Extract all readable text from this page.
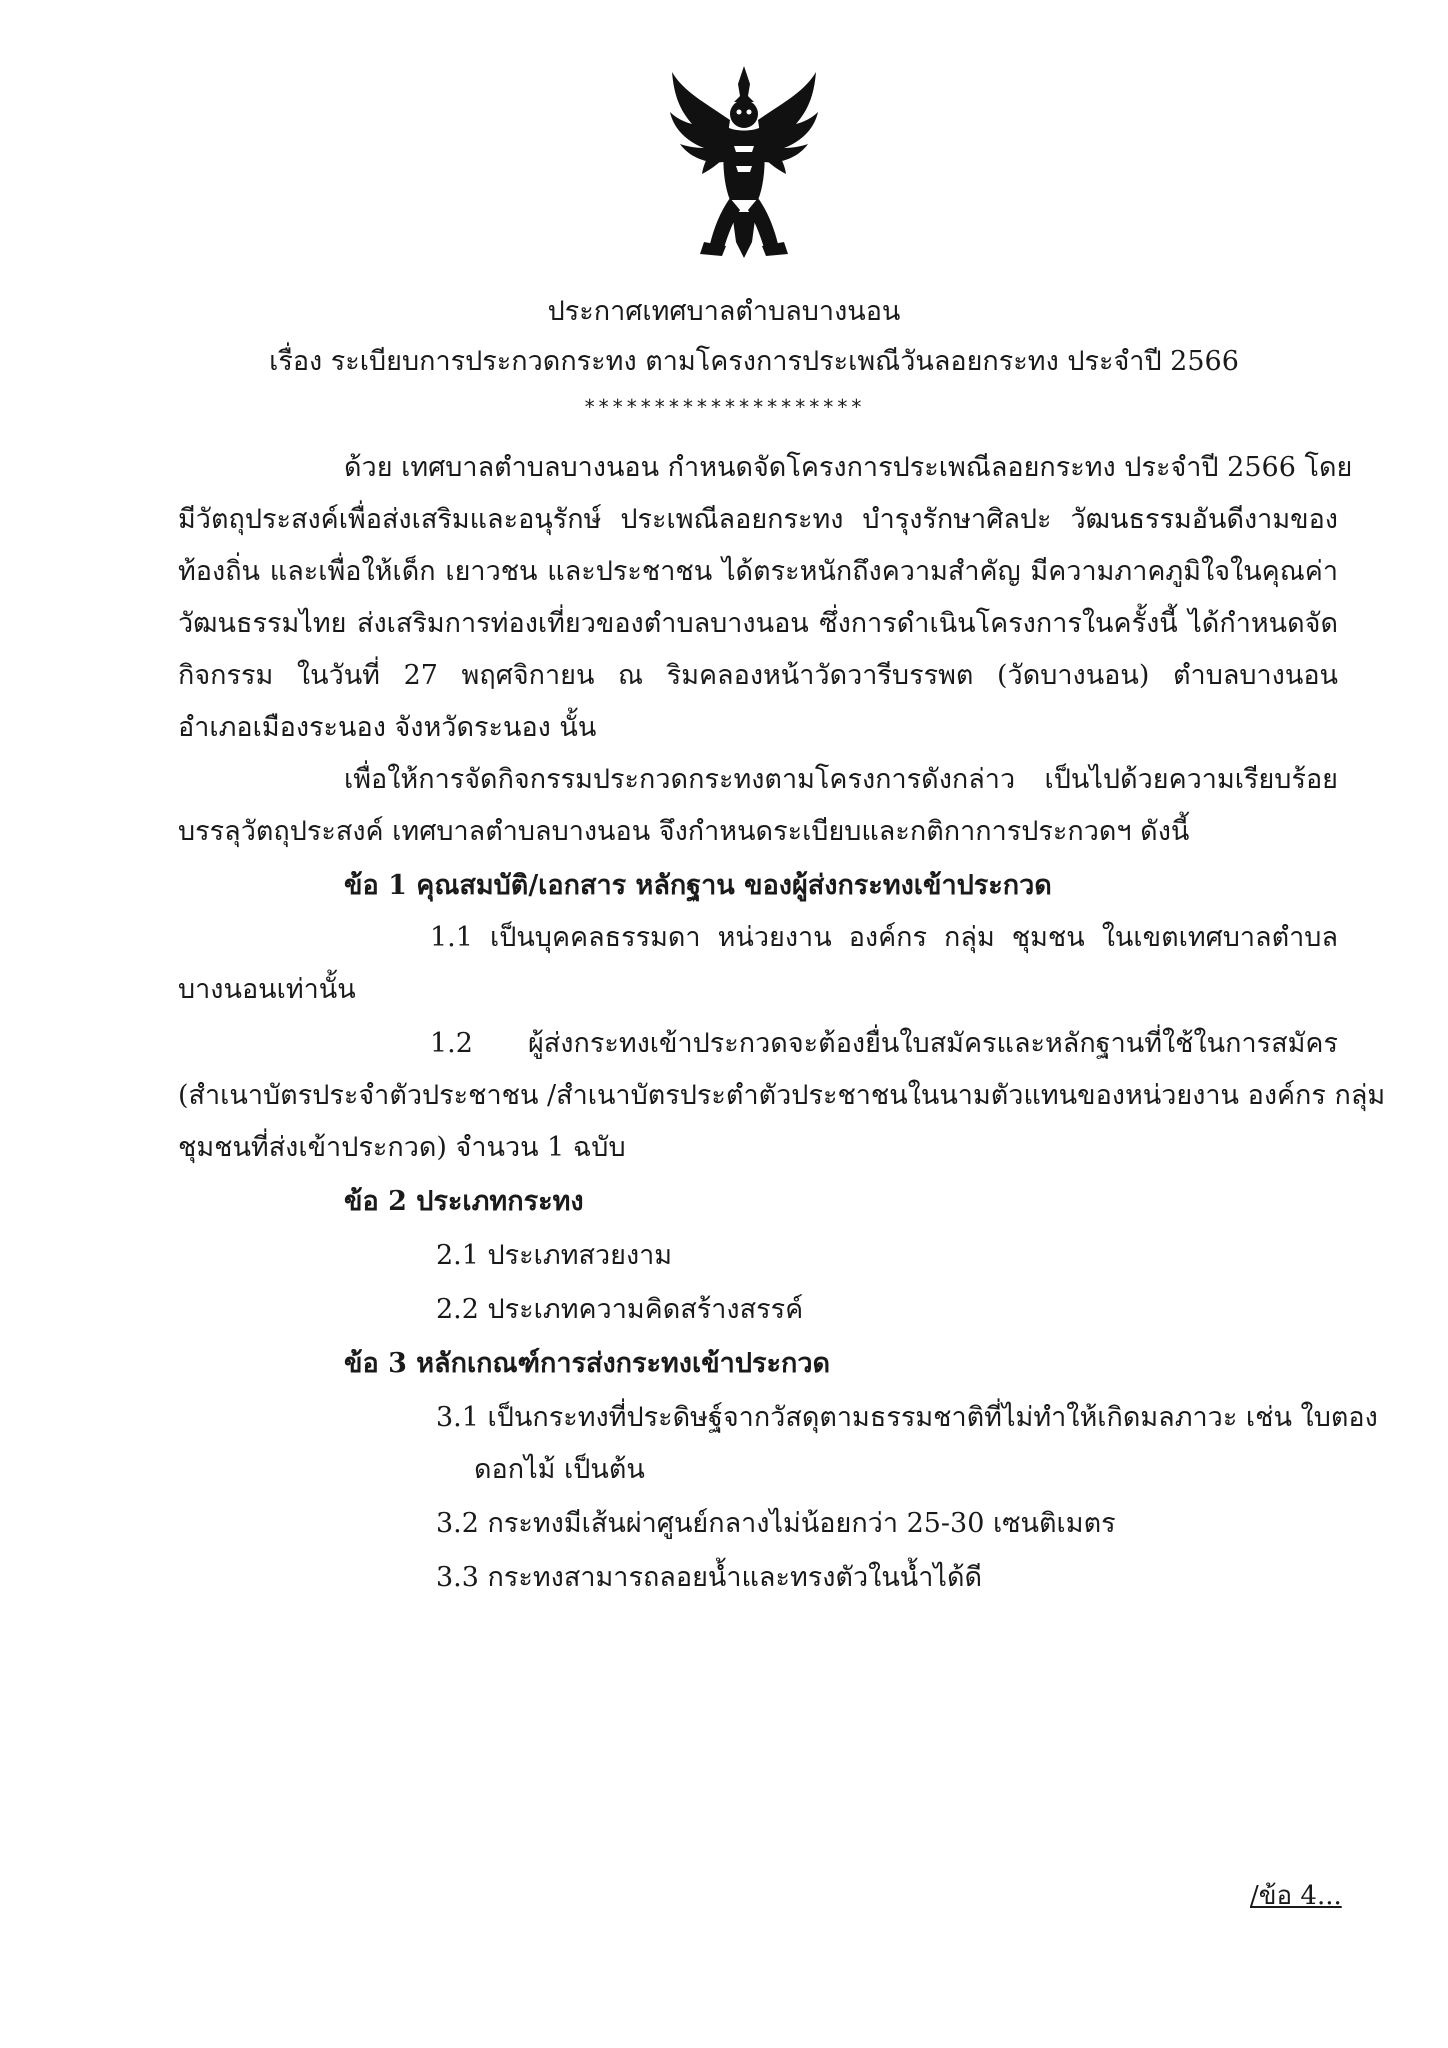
ประกาศเทศบาลตำบลบางนอน
เรื่อง ระเบียบการประกวดกระทง ตามโครงการประเพณีวันลอยกระทง ประจำปี 2566
********************
ด้วย เทศบาลตำบลบางนอน กำหนดจัดโครงการประเพณีลอยกระทง ประจำปี 2566 โดย
มีวัตถุประสงค์เพื่อส่งเสริมและอนุรักษ์ ประเพณีลอยกระทง บำรุงรักษาศิลปะ วัฒนธรรมอันดีงามของ
ท้องถิ่น และเพื่อให้เด็ก เยาวชน และประชาชน ได้ตระหนักถึงความสำคัญ มีความภาคภูมิใจในคุณค่า
วัฒนธรรมไทย ส่งเสริมการท่องเที่ยวของตำบลบางนอน ซึ่งการดำเนินโครงการในครั้งนี้ ได้กำหนดจัด
กิจกรรม ในวันที่ 27 พฤศจิกายน ณ ริมคลองหน้าวัดวารีบรรพต (วัดบางนอน) ตำบลบางนอน
อำเภอเมืองระนอง จังหวัดระนอง นั้น
เพื่อให้การจัดกิจกรรมประกวดกระทงตามโครงการดังกล่าว เป็นไปด้วยความเรียบร้อย
บรรลุวัตถุประสงค์ เทศบาลตำบลบางนอน จึงกำหนดระเบียบและกติกาการประกวดฯ ดังนี้
ข้อ 1 คุณสมบัติ/เอกสาร หลักฐาน ของผู้ส่งกระทงเข้าประกวด
1.1 เป็นบุคคลธรรมดา หน่วยงาน องค์กร กลุ่ม ชุมชน ในเขตเทศบาลตำบล
บางนอนเท่านั้น
1.2 ผู้ส่งกระทงเข้าประกวดจะต้องยื่นใบสมัครและหลักฐานที่ใช้ในการสมัคร
(สำเนาบัตรประจำตัวประชาชน /สำเนาบัตรประตำตัวประชาชนในนามตัวแทนของหน่วยงาน องค์กร กลุ่ม
ชุมชนที่ส่งเข้าประกวด) จำนวน 1 ฉบับ
ข้อ 2 ประเภทกระทง
2.1 ประเภทสวยงาม
2.2 ประเภทความคิดสร้างสรรค์
ข้อ 3 หลักเกณฑ์การส่งกระทงเข้าประกวด
3.1 เป็นกระทงที่ประดิษฐ์จากวัสดุตามธรรมชาติที่ไม่ทำให้เกิดมลภาวะ เช่น ใบตอง
ดอกไม้ เป็นต้น
3.2 กระทงมีเส้นผ่าศูนย์กลางไม่น้อยกว่า 25-30 เซนติเมตร
3.3 กระทงสามารถลอยน้ำและทรงตัวในน้ำได้ดี
/ข้อ 4...
